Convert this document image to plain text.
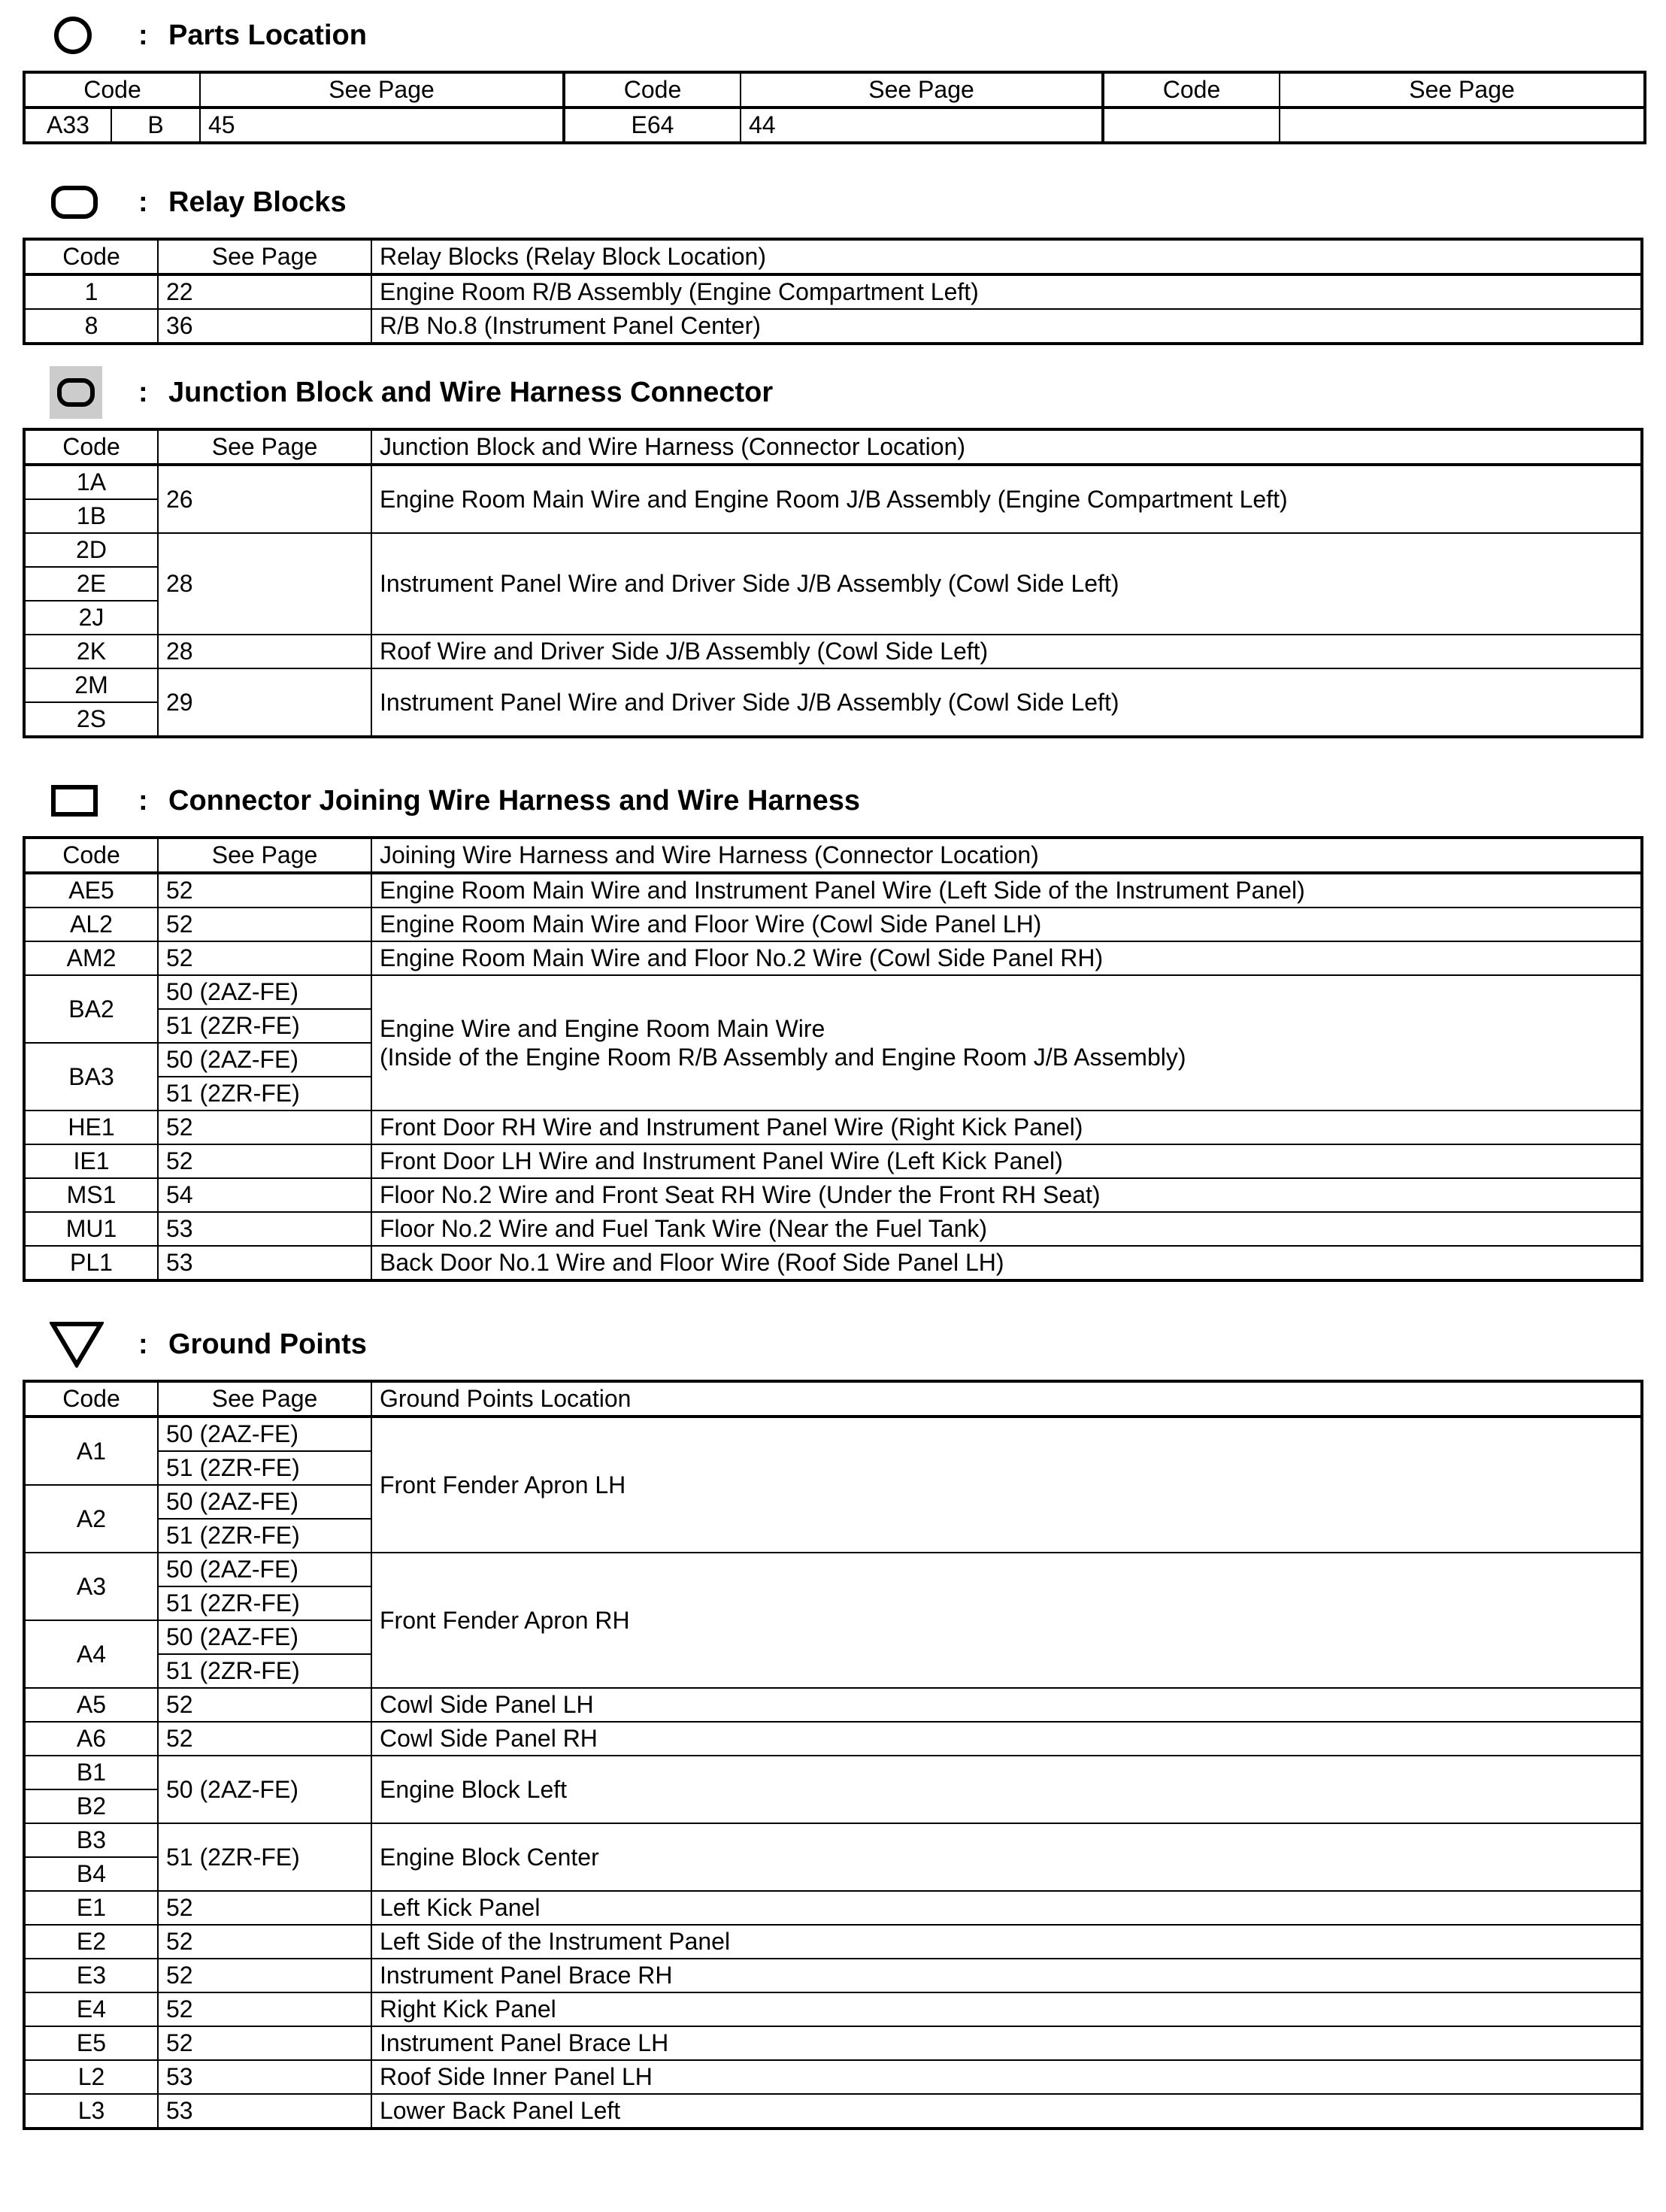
: Parts Location
Code		See Page	Code	See Page	Code	See Page
A33	B	45	E64	44		
: Relay Blocks
Code	See Page	Relay Blocks (Relay Block Location)
1	22	Engine Room R/B Assembly (Engine Compartment Left)
8	36	R/B No.8 (Instrument Panel Center)
: Junction Block and Wire Harness Connector
Code	See Page	Junction Block and Wire Harness (Connector Location)
1A	26	Engine Room Main Wire and Engine Room J/B Assembly (Engine Compartment Left)
1B		
2D	28	Instrument Panel Wire and Driver Side J/B Assembly (Cowl Side Left)
2E		
2J		
2K	28	Roof Wire and Driver Side J/B Assembly (Cowl Side Left)
2M	29	Instrument Panel Wire and Driver Side J/B Assembly (Cowl Side Left)
2S		
: Connector Joining Wire Harness and Wire Harness
Code	See Page	Joining Wire Harness and Wire Harness (Connector Location)
AE5	52	Engine Room Main Wire and Instrument Panel Wire (Left Side of the Instrument Panel)
AL2	52	Engine Room Main Wire and Floor Wire (Cowl Side Panel LH)
AM2	52	Engine Room Main Wire and Floor No.2 Wire (Cowl Side Panel RH)
BA2	50 (2AZ-FE)	Engine Wire and Engine Room Main Wire
(Inside of the Engine Room R/B Assembly and Engine Room J/B Assembly)

	51 (2ZR-FE)	
BA3	50 (2AZ-FE)	
	51 (2ZR-FE)	
HE1	52	Front Door RH Wire and Instrument Panel Wire (Right Kick Panel)
IE1	52	Front Door LH Wire and Instrument Panel Wire (Left Kick Panel)
MS1	54	Floor No.2 Wire and Front Seat RH Wire (Under the Front RH Seat)
MU1	53	Floor No.2 Wire and Fuel Tank Wire (Near the Fuel Tank)
PL1	53	Back Door No.1 Wire and Floor Wire (Roof Side Panel LH)
: Ground Points
Code	See Page	Ground Points Location
A1	50 (2AZ-FE)	Front Fender Apron LH
	51 (2ZR-FE)	
A2	50 (2AZ-FE)	
	51 (2ZR-FE)	
A3	50 (2AZ-FE)	Front Fender Apron RH
	51 (2ZR-FE)	
A4	50 (2AZ-FE)	
	51 (2ZR-FE)	
A5	52	Cowl Side Panel LH
A6	52	Cowl Side Panel RH
B1	50 (2AZ-FE)	Engine Block Left
B2		
B3	51 (2ZR-FE)	Engine Block Center
B4		
E1	52	Left Kick Panel
E2	52	Left Side of the Instrument Panel
E3	52	Instrument Panel Brace RH
E4	52	Right Kick Panel
E5	52	Instrument Panel Brace LH
L2	53	Roof Side Inner Panel LH
L3	53	Lower Back Panel Left
